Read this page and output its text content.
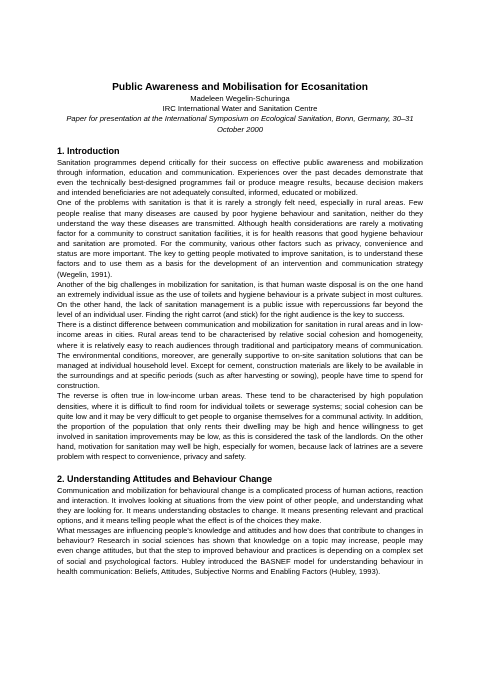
Public Awareness and Mobilisation for Ecosanitation

Madeleen Wegelin-Schuringa

IRC International Water and Sanitation Centre

Paper for presentation at the International Symposium on Ecological Sanitation, Bonn, Germany, 30–31 October 2000

1. Introduction

Sanitation programmes depend critically for their success on effective public awareness and mobilization through information, education and communication. Experiences over the past decades demonstrate that even the technically best-designed programmes fail or produce meagre results, because decision makers and intended beneficiaries are not adequately consulted, informed, educated or mobilized.

One of the problems with sanitation is that it is rarely a strongly felt need, especially in rural areas. Few people realise that many diseases are caused by poor hygiene behaviour and sanitation, neither do they understand the way these diseases are transmitted. Although health considerations are rarely a motivating factor for a community to construct sanitation facilities, it is for health reasons that good hygiene behaviour and sanitation are promoted. For the community, various other factors such as privacy, convenience and status are more important. The key to getting people motivated to improve sanitation, is to understand these factors and to use them as a basis for the development of an intervention and communication strategy (Wegelin, 1991).

Another of the big challenges in mobilization for sanitation, is that human waste disposal is on the one hand an extremely individual issue as the use of toilets and hygiene behaviour is a private subject in most cultures. On the other hand, the lack of sanitation management is a public issue with repercussions far beyond the level of an individual user. Finding the right carrot (and stick) for the right audience is the key to success.

There is a distinct difference between communication and mobilization for sanitation in rural areas and in low-income areas in cities. Rural areas tend to be characterised by relative social cohesion and homogeneity, where it is relatively easy to reach audiences through traditional and participatory means of communication. The environmental conditions, moreover, are generally supportive to on-site sanitation solutions that can be managed at individual household level. Except for cement, construction materials are likely to be available in the surroundings and at specific periods (such as after harvesting or sowing), people have time to spend for construction.

The reverse is often true in low-income urban areas. These tend to be characterised by high population densities, where it is difficult to find room for individual toilets or sewerage systems; social cohesion can be quite low and it may be very difficult to get people to organise themselves for a communal activity. In addition, the proportion of the population that only rents their dwelling may be high and hence willingness to get involved in sanitation improvements may be low, as this is considered the task of the landlords. On the other hand, motivation for sanitation may well be high, especially for women, because lack of latrines are a severe problem with respect to convenience, privacy and safety.

2. Understanding Attitudes and Behaviour Change

Communication and mobilization for behavioural change is a complicated process of human actions, reaction and interaction. It involves looking at situations from the view point of other people, and understanding what they are looking for. It means understanding obstacles to change. It means presenting relevant and practical options, and it means telling people what the effect is of the choices they make.

What messages are influencing people's knowledge and attitudes and how does that contribute to changes in behaviour? Research in social sciences has shown that knowledge on a topic may increase, people may even change attitudes, but that the step to improved behaviour and practices is depending on a complex set of social and psychological factors. Hubley introduced the BASNEF model for understanding behaviour in health communication: Beliefs, Attitudes, Subjective Norms and Enabling Factors (Hubley, 1993).
